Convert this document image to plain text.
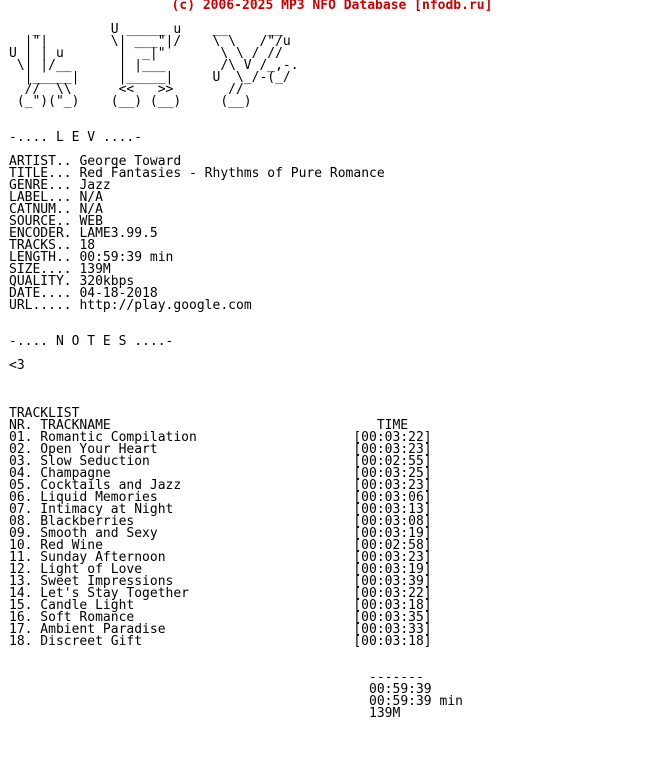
(c) 2006-2025 MP3 NFO Database [nfodb.ru]
_         U _____ u    __     __
|"|        \| ___"|/    \ \   /"/u
U | | u       |  _|"       \ \ / //
\| |/__      | |___       /\ V /_,-.
|_____|     |_____|     U  \_/-(_/
//  \\      <<   >>       //
(_")("_)    (__) (__)     (__)
-.... L E V ....-
ARTIST.. George Toward
TITLE... Red Fantasies - Rhythms of Pure Romance
GENRE... Jazz
LABEL... N/A
CATNUM.. N/A
SOURCE.. WEB
ENCODER. LAME3.99.5
TRACKS.. 18
LENGTH.. 00:59:39 min
SIZE.... 139M
QUALITY. 320kbps
DATE.... 04-18-2018
URL..... http://play.google.com
-.... N O T E S ....-
<3
TRACKLIST
NR. TRACKNAME	TIME
01. Romantic Compilation	[00:03:22]
02. Open Your Heart	[00:03:23]
03. Slow Seduction	[00:02:55]
04. Champagne	[00:03:25]
05. Cocktails and Jazz	[00:03:23]
06. Liquid Memories	[00:03:06]
07. Intimacy at Night	[00:03:13]
08. Blackberries	[00:03:08]
09. Smooth and Sexy	[00:03:19]
10. Red Wine	[00:02:58]
11. Sunday Afternoon	[00:03:23]
12. Light of Love	[00:03:19]
13. Sweet Impressions	[00:03:39]
14. Let's Stay Together	[00:03:22]
15. Candle Light	[00:03:18]
16. Soft Romance	[00:03:35]
17. Ambient Paradise	[00:03:33]
18. Discreet Gift	[00:03:18]
-------
00:59:39
00:59:39 min
139M
